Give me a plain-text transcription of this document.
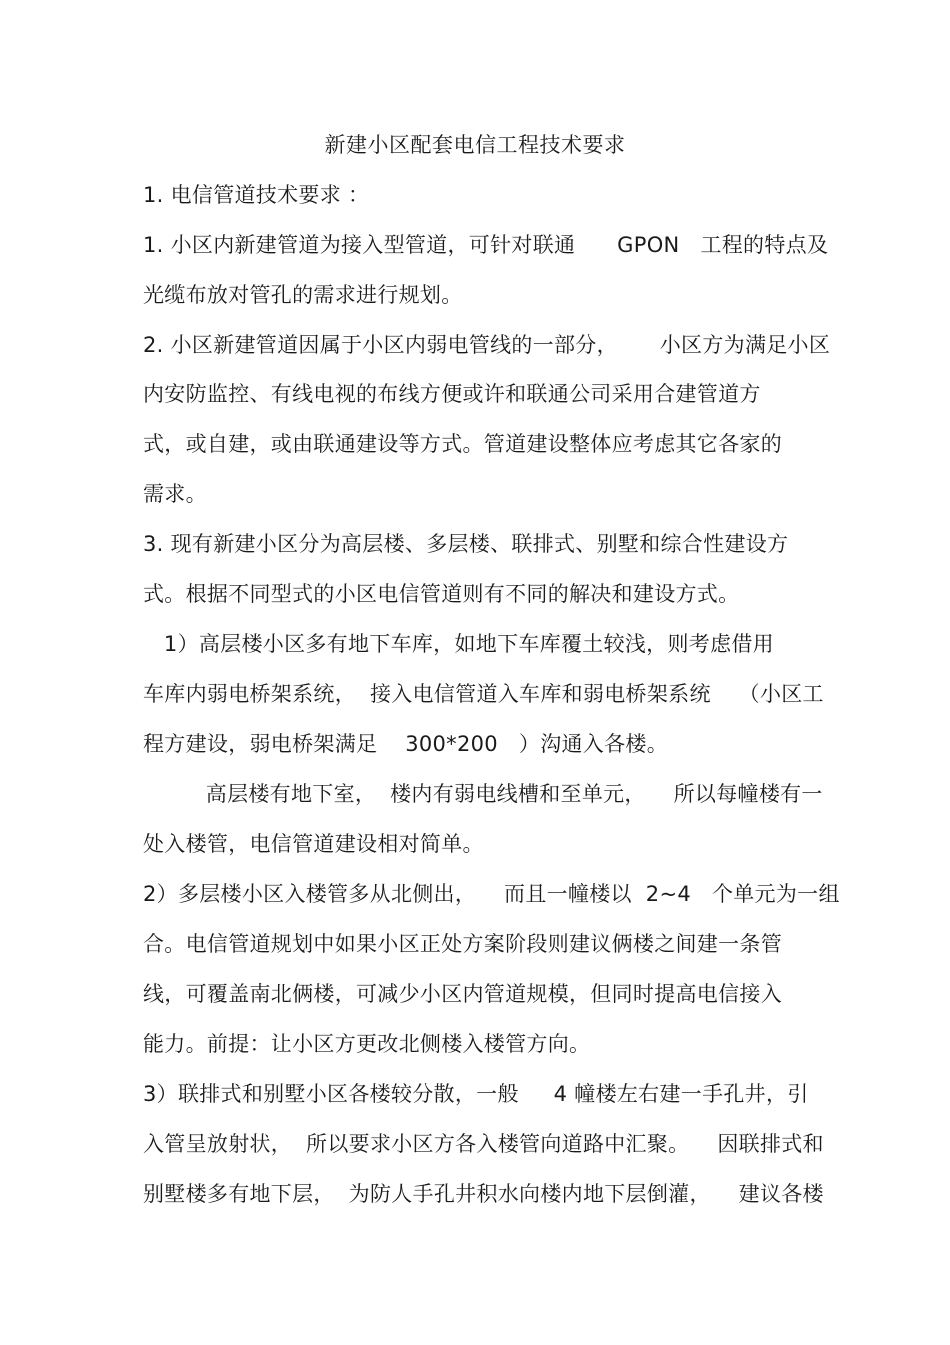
新建小区配套电信工程技术要求
1. 电信管道技术要求 ：
1. 小区内新建管道为接入型管道，可针对联通      GPON   工程的特点及
光缆布放对管孔的需求进行规划。
2. 小区新建管道因属于小区内弱电管线的一部分，      小区方为满足小区
内安防监控、有线电视的布线方便或许和联通公司采用合建管道方
式，或自建，或由联通建设等方式。管道建设整体应考虑其它各家的
需求。
3. 现有新建小区分为高层楼、多层楼、联排式、别墅和综合性建设方
式。根据不同型式的小区电信管道则有不同的解决和建设方式。
1）高层楼小区多有地下车库，如地下车库覆土较浅，则考虑借用
车库内弱电桥架系统，  接入电信管道入车库和弱电桥架系统    （小区工
程方建设，弱电桥架满足    300*200   ）沟通入各楼。
高层楼有地下室，  楼内有弱电线槽和至单元，    所以每幢楼有一
处入楼管，电信管道建设相对简单。
2）多层楼小区入楼管多从北侧出，    而且一幢楼以  2~4   个单元为一组
合。电信管道规划中如果小区正处方案阶段则建议俩楼之间建一条管
线，可覆盖南北俩楼，可减少小区内管道规模，但同时提高电信接入
能力。前提：让小区方更改北侧楼入楼管方向。
3）联排式和别墅小区各楼较分散，一般     4 幢楼左右建一手孔井，引
入管呈放射状，  所以要求小区方各入楼管向道路中汇聚。    因联排式和
别墅楼多有地下层，  为防人手孔井积水向楼内地下层倒灌，    建议各楼
